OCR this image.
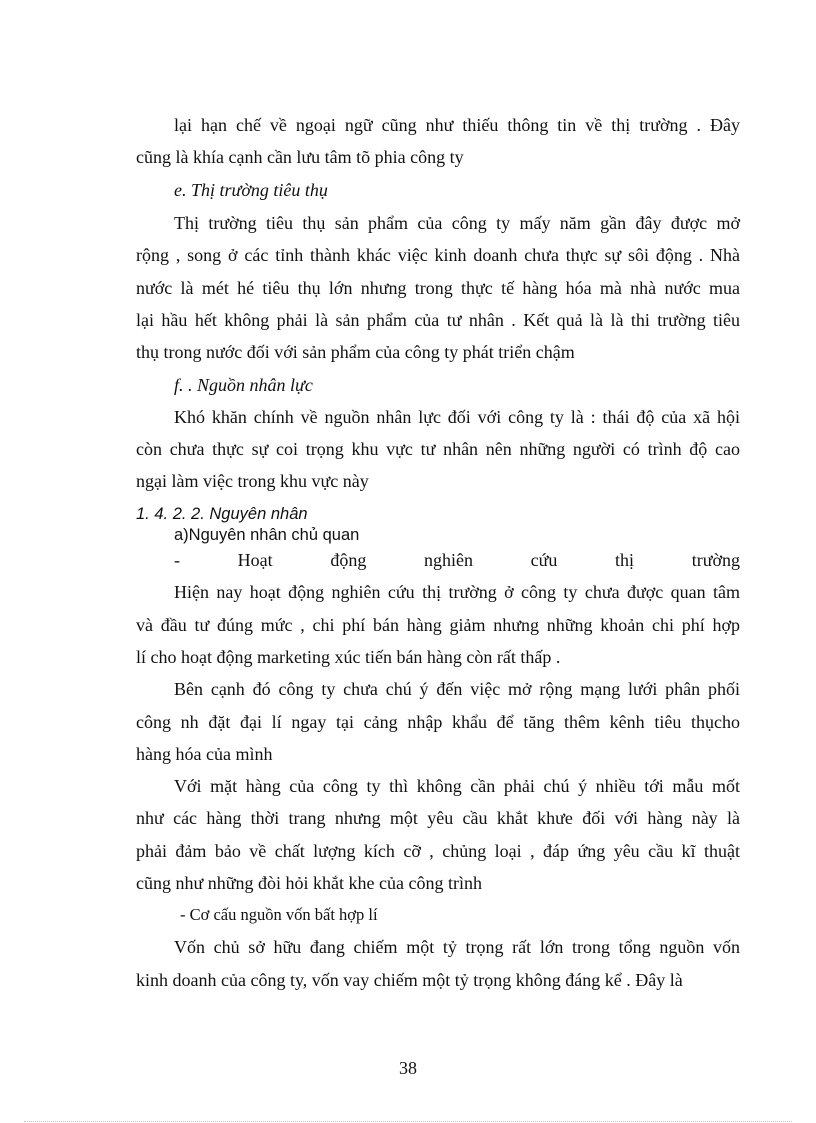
lại hạn chế về ngoại ngữ cũng như thiếu thông tin về thị trường . Đây
cũng là khía cạnh cần lưu tâm tõ phia công ty
e. Thị trường tiêu thụ
Thị trường tiêu thụ sản phẩm của công ty mấy năm gần đây được mở
rộng , song ở các tỉnh thành khác việc kinh doanh chưa thực sự sôi động . Nhà
nước là mét hé tiêu thụ lớn nhưng trong thực tế hàng hóa mà nhà nước mua
lại hầu hết không phải là sản phẩm của tư nhân . Kết quả là là thi trường tiêu
thụ trong nước đối với sản phẩm của công ty phát triển chậm
f. . Nguồn nhân lực
Khó khăn chính về nguồn nhân lực đối với công ty là : thái độ của xã hội
còn chưa thực sự coi trọng khu vực tư nhân nên những người có trình độ cao
ngại làm việc trong khu vực này
1. 4. 2. 2. Nguyên nhân
a)Nguyên nhân chủ quan
- Hoạt động nghiên cứu thị trường
Hiện nay hoạt động nghiên cứu thị trường ở công ty chưa được quan tâm
và đầu tư đúng mức , chi phí bán hàng giảm nhưng những khoản chi phí hợp
lí cho hoạt động marketing xúc tiến bán hàng còn rất thấp .
Bên cạnh đó công ty chưa chú ý đến việc mở rộng mạng lưới phân phối
công nh đặt đại lí ngay tại cảng nhập khẩu để tăng thêm kênh tiêu thụcho
hàng hóa của mình
Với mặt hàng của công ty thì không cần phải chú ý nhiều tới mẫu mốt
như các hàng thời trang nhưng một yêu cầu khắt khưe đối với hàng này là
phải đảm bảo về chất lượng kích cỡ , chủng loại , đáp ứng yêu cầu kĩ thuật
cũng như những đòi hỏi khắt khe của công trình
- Cơ cấu nguồn vốn bất hợp lí
Vốn chủ sở hữu đang chiếm một tỷ trọng rất lớn trong tổng nguồn vốn
kinh doanh của công ty, vốn vay chiếm một tỷ trọng không đáng kể . Đây là
38
